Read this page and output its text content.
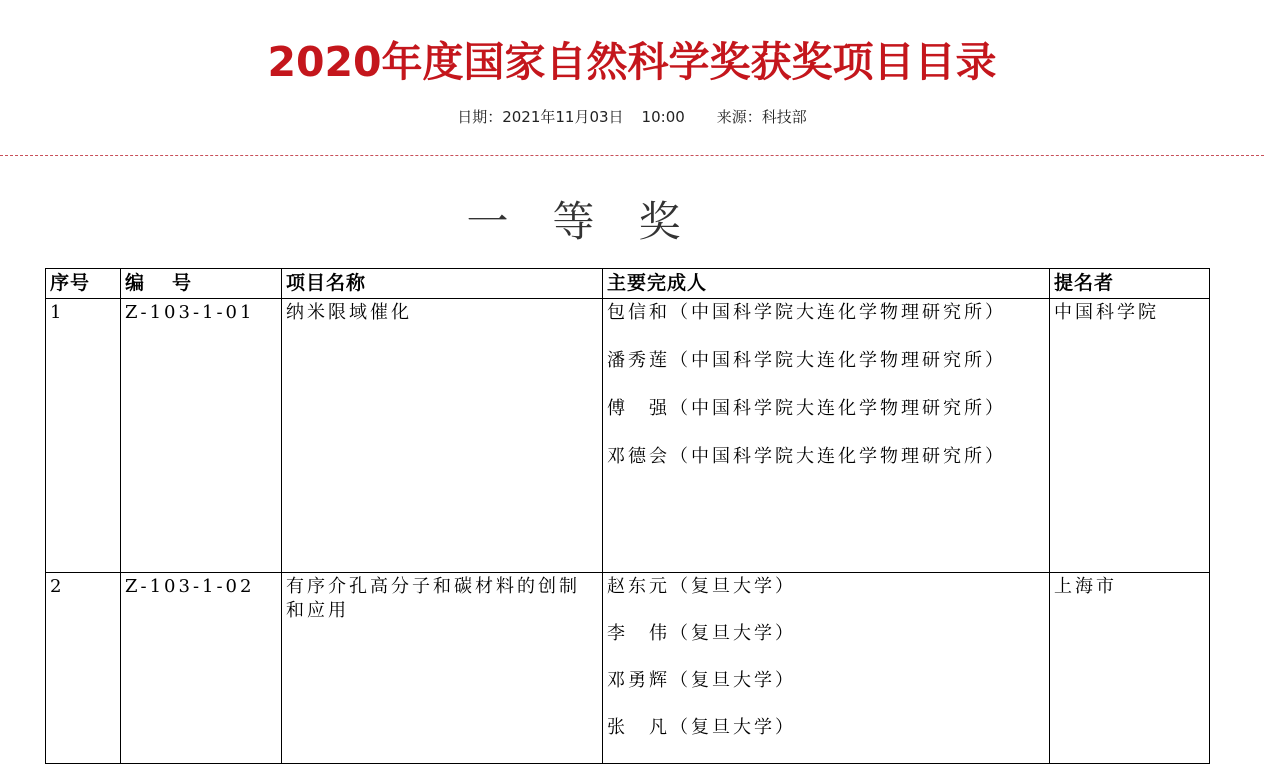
2020年度国家自然科学奖获奖项目目录
日期：2021年11月03日 10:00 来源：科技部
一等奖
序号	编号	项目名称	主要完成人	提名者
1	Z-103-1-01	纳米限域催化	包信和（中国科学院大连化学物理研究所）
潘秀莲（中国科学院大连化学物理研究所）
傅　强（中国科学院大连化学物理研究所）
邓德会（中国科学院大连化学物理研究所）	中国科学院
2	Z-103-1-02	有序介孔高分子和碳材料的创制和应用	赵东元（复旦大学）
李　伟（复旦大学）
邓勇辉（复旦大学）
张　凡（复旦大学）	上海市
